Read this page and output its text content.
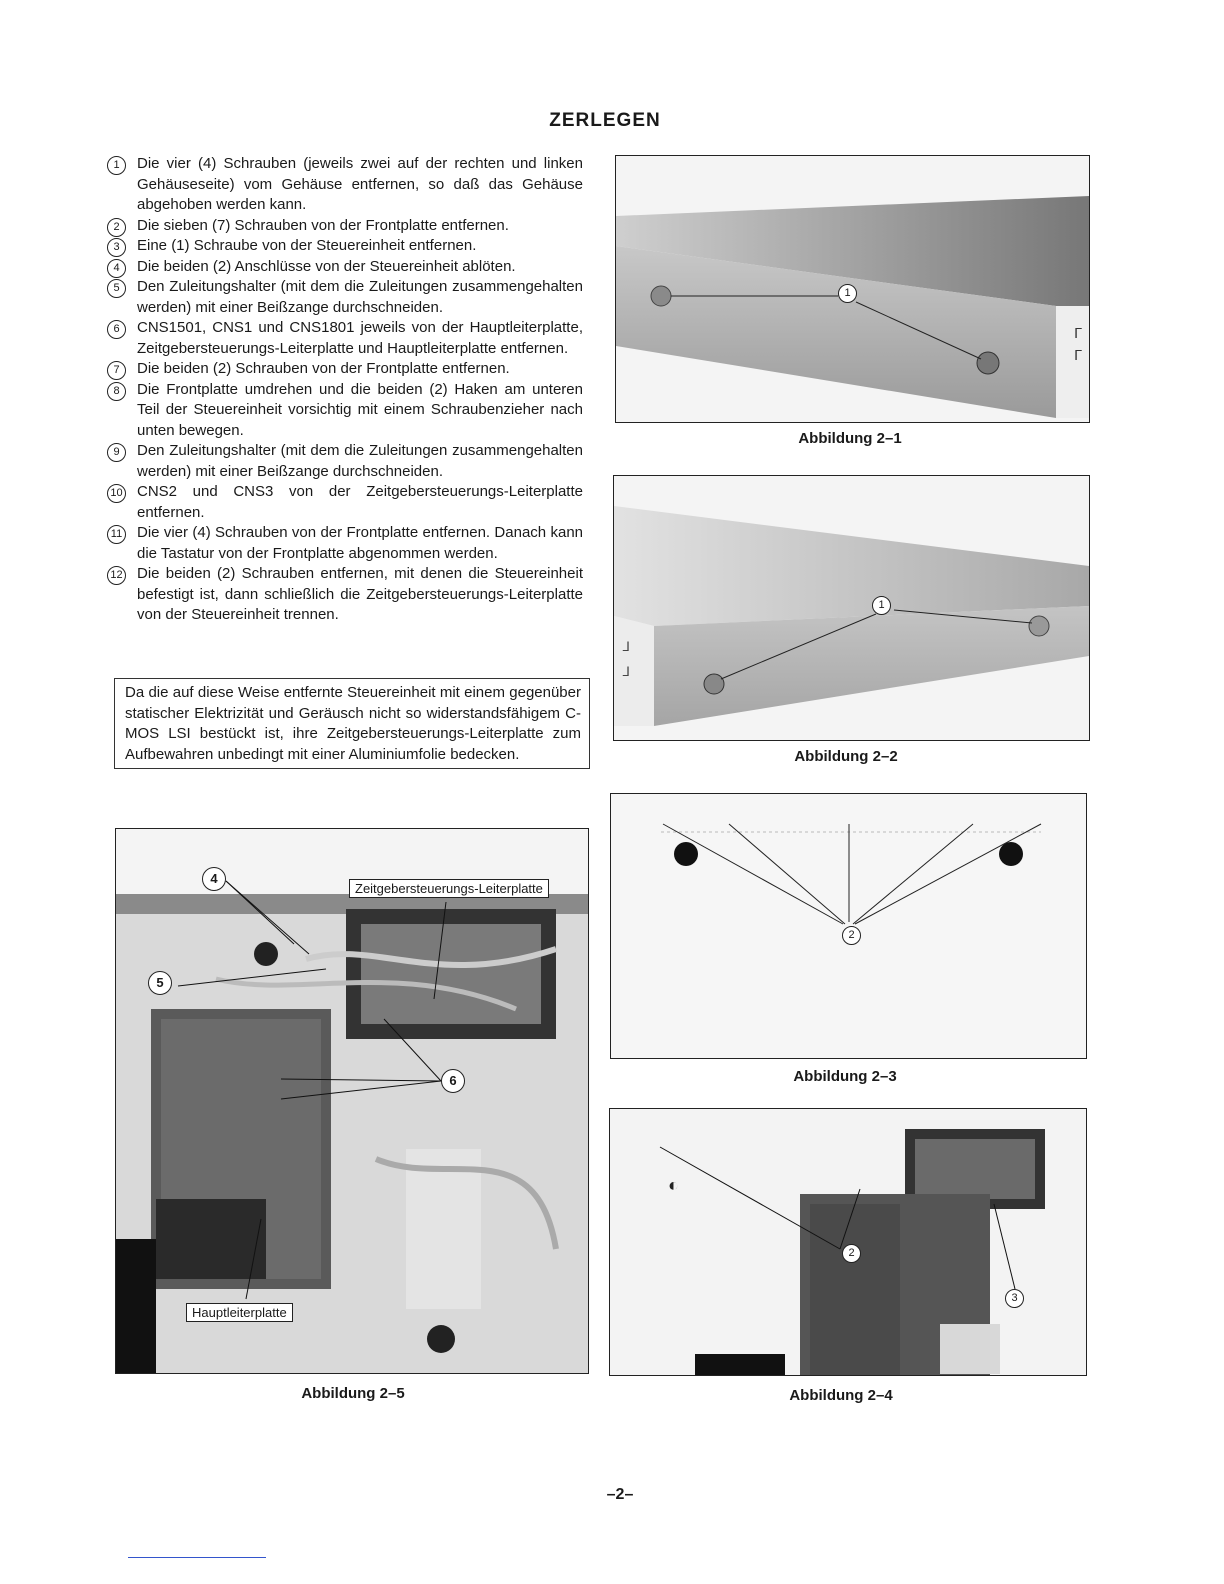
ZERLEGEN
1	Die vier (4) Schrauben (jeweils zwei auf der rechten und linken Gehäuseseite) vom Gehäuse entfernen, so daß das Gehäuse abgehoben werden kann.
2	Die sieben (7) Schrauben von der Frontplatte entfernen.
3	Eine (1) Schraube von der Steuereinheit entfernen.
4	Die beiden (2) Anschlüsse von der Steuereinheit ablöten.
5	Den Zuleitungshalter (mit dem die Zuleitungen zusammengehalten werden) mit einer Beißzange durchschneiden.
6	CNS1501, CNS1 und CNS1801 jeweils von der Hauptleiterplatte, Zeitgebersteuerungs-Leiterplatte und Hauptleiterplatte entfernen.
7	Die beiden (2) Schrauben von der Frontplatte entfernen.
8	Die Frontplatte umdrehen und die beiden (2) Haken am unteren Teil der Steuereinheit vorsichtig mit einem Schraubenzieher nach unten bewegen.
9	Den Zuleitungshalter (mit dem die Zuleitungen zusammengehalten werden) mit einer Beißzange durchschneiden.
10 CNS2 und CNS3 von der Zeitgebersteuerungs-Leiterplatte entfernen.
11 Die vier (4) Schrauben von der Frontplatte entfernen. Danach kann die Tastatur von der Frontplatte abgenommen werden.
12 Die beiden (2) Schrauben entfernen, mit denen die Steuereinheit befestigt ist, dann schließlich die Zeitgebersteuerungs-Leiterplatte von der Steuereinheit trennen.
Da die auf diese Weise entfernte Steuereinheit mit einem gegenüber statischer Elektrizität und Geräusch nicht so widerstandsfähigem C-MOS LSI bestückt ist, ihre Zeitgebersteuerungs-Leiterplatte zum Aufbewahren unbedingt mit einer Aluminiumfolie bedecken.
ᒥ
ᒥ
1
Abbildung 2–1
ᒧ
ᒧ
1
Abbildung 2–2
2
Abbildung 2–3
◐
2
3
Abbildung 2–4
4
5
6
Zeitgebersteuerungs-Leiterplatte
Hauptleiterplatte
Abbildung 2–5
–2–
